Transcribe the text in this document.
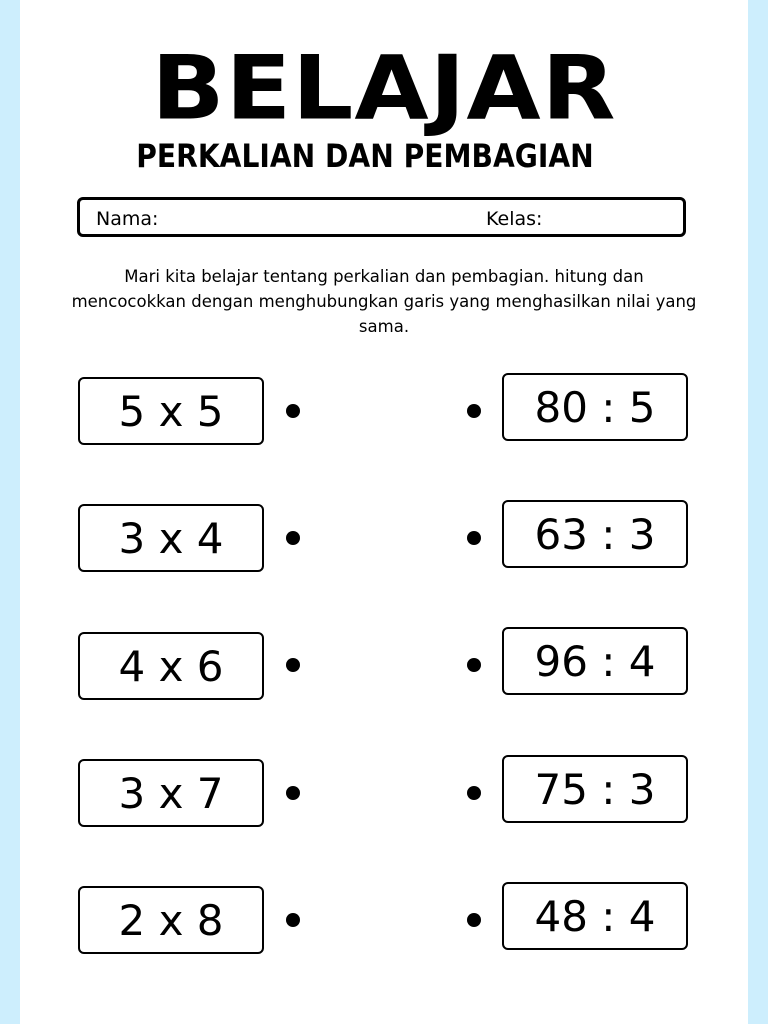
BELAJAR
PERKALIAN DAN PEMBAGIAN
Nama:	Kelas:
Mari kita belajar tentang perkalian dan pembagian. hitung dan mencocokkan dengan menghubungkan garis yang menghasilkan nilai yang sama.
5 x 5	80 : 5
3 x 4	63 : 3
4 x 6	96 : 4
3 x 7	75 : 3
2 x 8	48 : 4
